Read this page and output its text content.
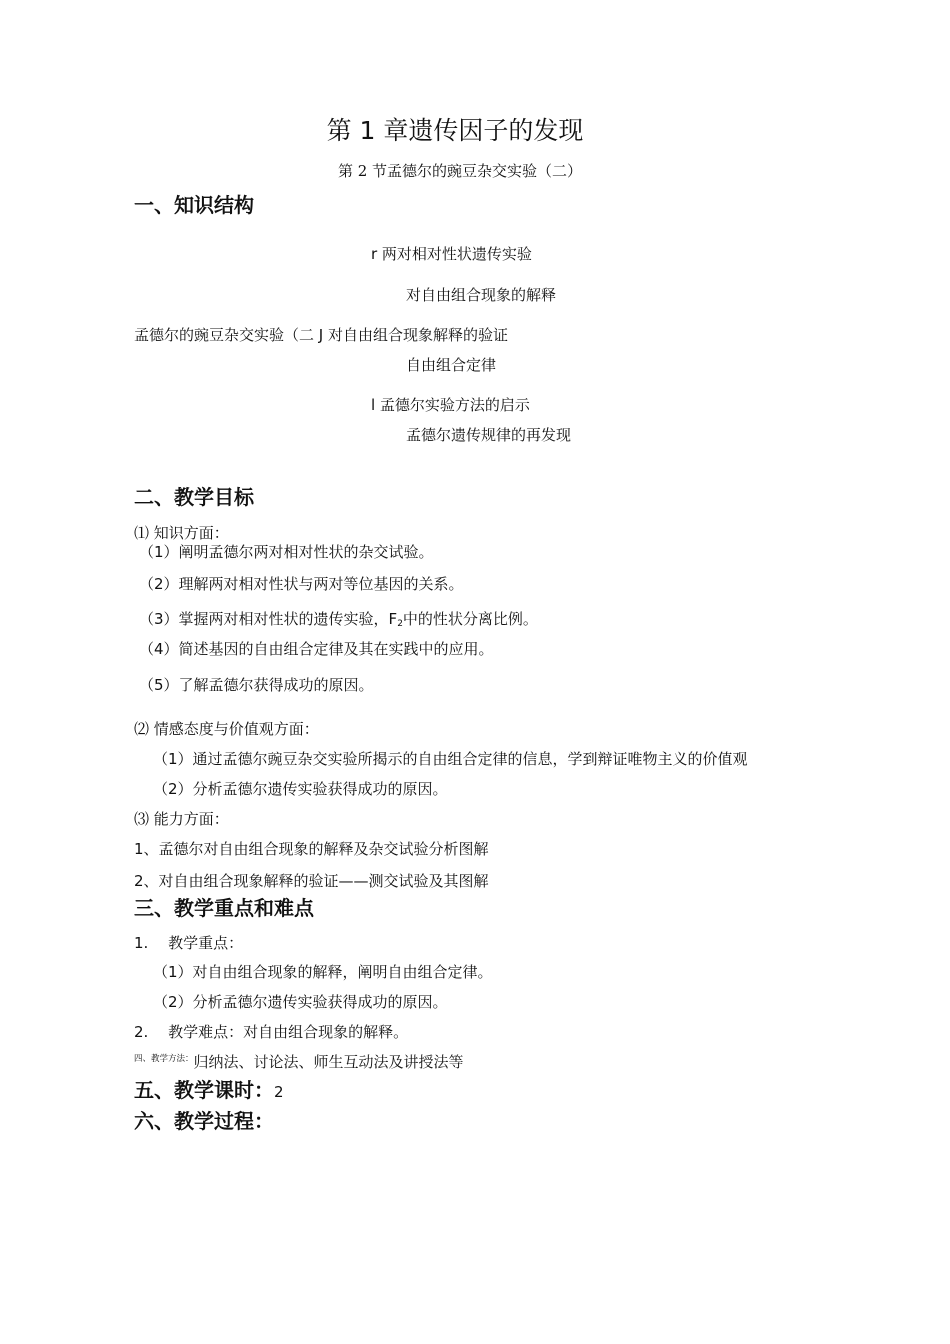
第 1 章遗传因子的发现
第 2 节孟德尔的豌豆杂交实验（二）
一、知识结构
r 两对相对性状遗传实验
对自由组合现象的解释
孟德尔的豌豆杂交实验（二 J 对自由组合现象解释的验证
自由组合定律
l 孟德尔实验方法的启示
孟德尔遗传规律的再发现
二、教学目标
⑴ 知识方面：
（1）阐明孟德尔两对相对性状的杂交试验。
（2）理解两对相对性状与两对等位基因的关系。
（3）掌握两对相对性状的遗传实验，$F_2$中的性状分离比例。
（4）简述基因的自由组合定律及其在实践中的应用。
（5）了解孟德尔获得成功的原因。
⑵ 情感态度与价值观方面：
（1）通过孟德尔豌豆杂交实验所揭示的自由组合定律的信息，学到辩证唯物主义的价值观
（2）分析孟德尔遗传实验获得成功的原因。
⑶ 能力方面：
1、孟德尔对自由组合现象的解释及杂交试验分析图解
2、对自由组合现象解释的验证——测交试验及其图解
三、教学重点和难点
1.　 教学重点：
（1）对自由组合现象的解释，阐明自由组合定律。
（2）分析孟德尔遗传实验获得成功的原因。
2.　 教学难点：对自由组合现象的解释。
$^{四、教学方法:}$归纳法、讨论法、师生互动法及讲授法等
五、教学课时：2
六、教学过程：
